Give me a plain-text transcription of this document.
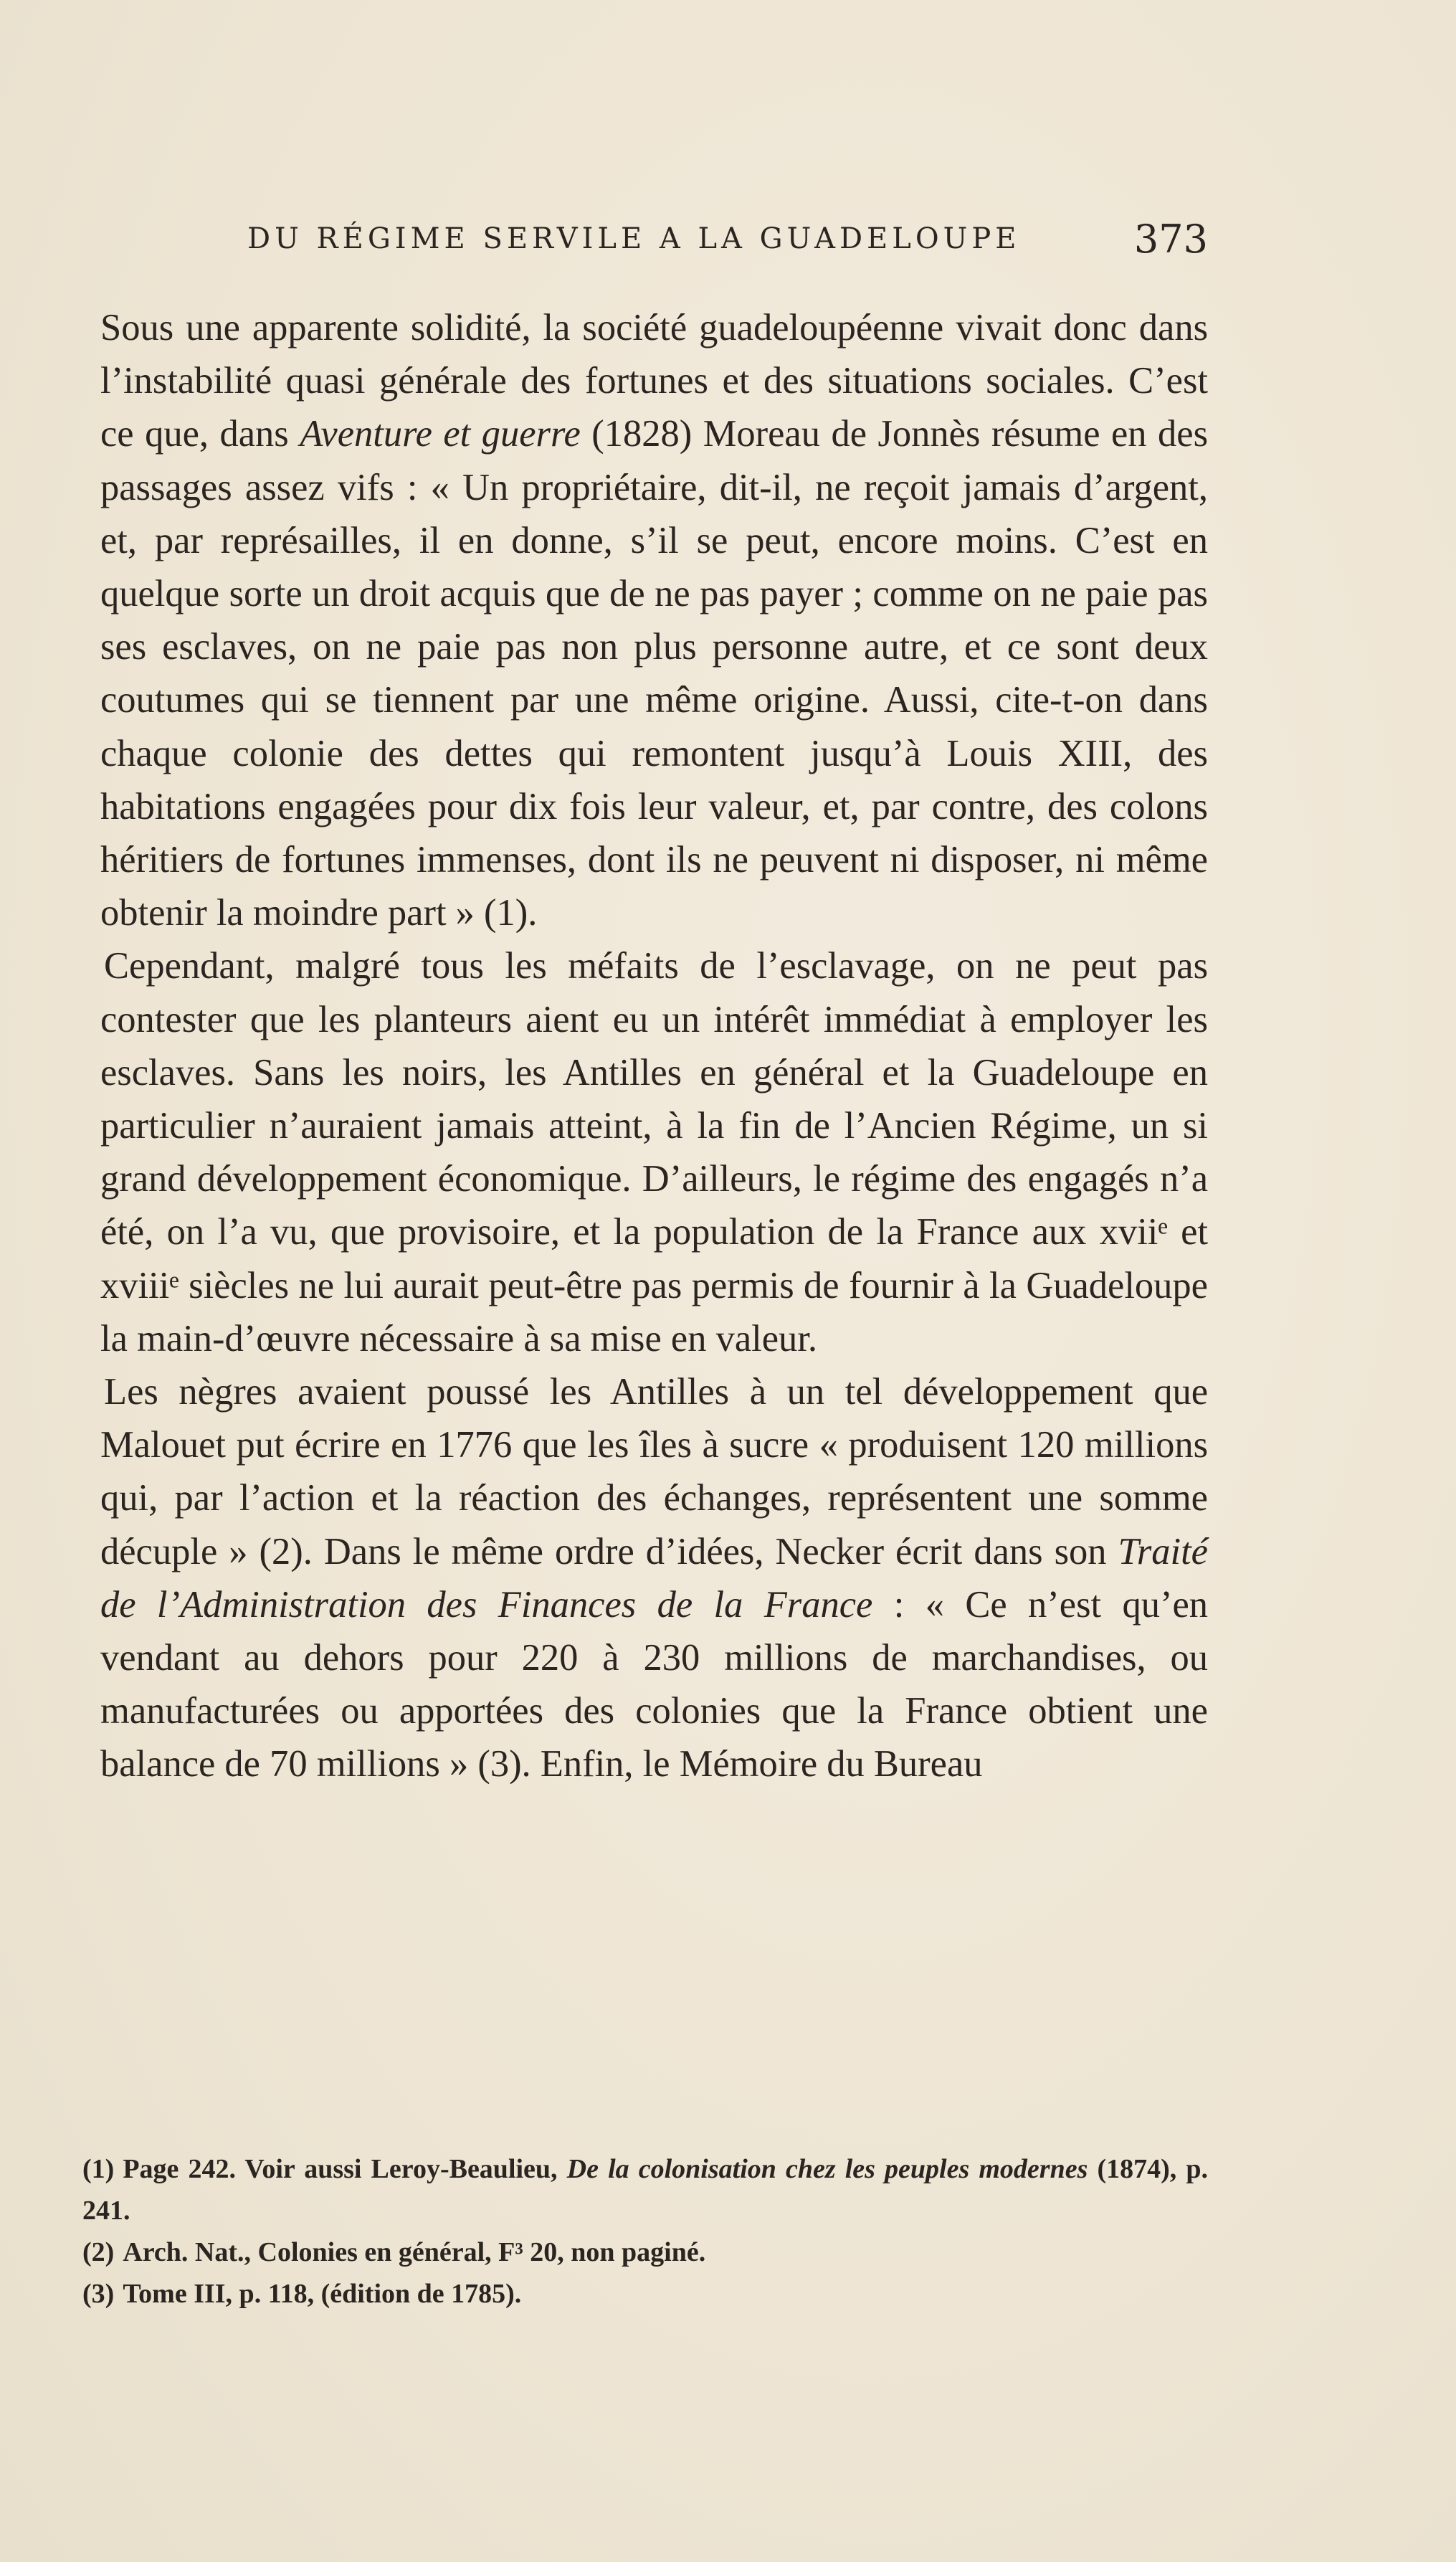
DU RÉGIME SERVILE A LA GUADELOUPE	373

Sous une apparente solidité, la société guadeloupéenne vivait donc dans l’instabilité quasi générale des fortunes et des situations sociales. C’est ce que, dans Aventure et guerre (1828) Moreau de Jonnès résume en des passages assez vifs : « Un propriétaire, dit-il, ne reçoit jamais d’argent, et, par représailles, il en donne, s’il se peut, encore moins. C’est en quelque sorte un droit acquis que de ne pas payer ; comme on ne paie pas ses esclaves, on ne paie pas non plus personne autre, et ce sont deux coutumes qui se tiennent par une même origine. Aussi, cite-t-on dans chaque colonie des dettes qui remontent jusqu’à Louis XIII, des habitations engagées pour dix fois leur valeur, et, par contre, des colons héritiers de fortunes immenses, dont ils ne peuvent ni disposer, ni même obtenir la moindre part » (1).

Cependant, malgré tous les méfaits de l’esclavage, on ne peut pas contester que les planteurs aient eu un intérêt immédiat à employer les esclaves. Sans les noirs, les Antilles en général et la Guadeloupe en particulier n’auraient jamais atteint, à la fin de l’Ancien Régime, un si grand développement économique. D’ailleurs, le régime des engagés n’a été, on l’a vu, que provisoire, et la population de la France aux xviiᵉ et xviiiᵉ siècles ne lui aurait peut-être pas permis de fournir à la Guadeloupe la main-d’œuvre nécessaire à sa mise en valeur.

Les nègres avaient poussé les Antilles à un tel développement que Malouet put écrire en 1776 que les îles à sucre « produisent 120 millions qui, par l’action et la réaction des échanges, représentent une somme décuple » (2). Dans le même ordre d’idées, Necker écrit dans son Traité de l’Administration des Finances de la France : « Ce n’est qu’en vendant au dehors pour 220 à 230 millions de marchandises, ou manufacturées ou apportées des colonies que la France obtient une balance de 70 millions » (3). Enfin, le Mémoire du Bureau

(1) Page 242. Voir aussi Leroy-Beaulieu, De la colonisation chez les peuples modernes (1874), p. 241.

(2) Arch. Nat., Colonies en général, F³ 20, non paginé.

(3) Tome III, p. 118, (édition de 1785).
